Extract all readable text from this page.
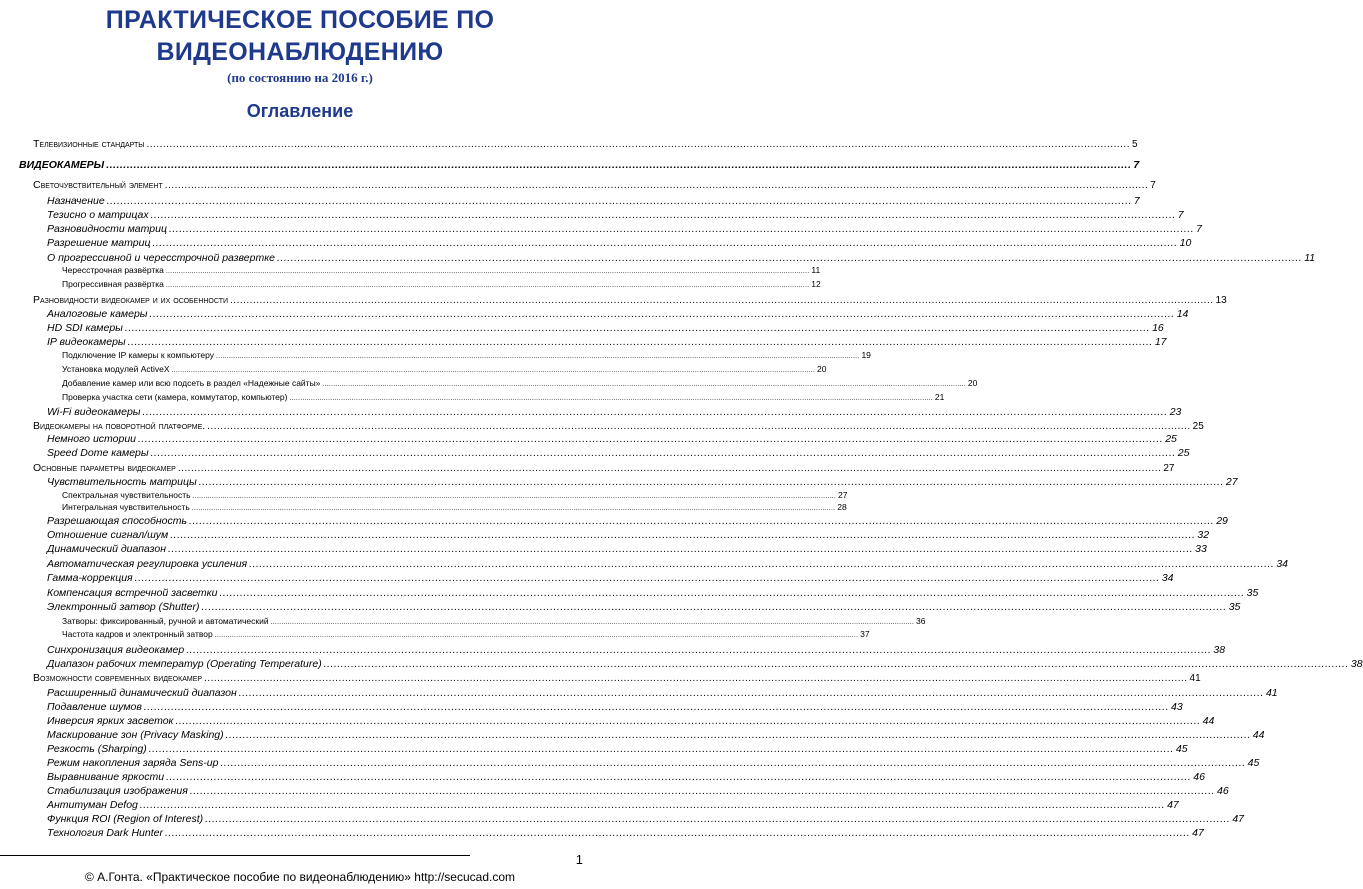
ПРАКТИЧЕСКОЕ ПОСОБИЕ ПО
ВИДЕОНАБЛЮДЕНИЮ
(по состоянию на 2016 г.)
Оглавление
Телевизионные стандарты ............................................................................................................................................................................................................................................................................................................ 5
ВИДЕОКАМЕРЫ ............................................................................................................................................................................................................................................................................................................ 7
Светочувствительный элемент ............................................................................................................................................................................................................................................................................................................ 7
Назначение ............................................................................................................................................................................................................................................................................................................ 7
Тезисно о матрицах ............................................................................................................................................................................................................................................................................................................ 7
Разновидности матриц ............................................................................................................................................................................................................................................................................................................ 7
Разрешение матриц ............................................................................................................................................................................................................................................................................................................ 10
О прогрессивной и чересстрочной развертке ............................................................................................................................................................................................................................................................................................................ 11
Чересстрочная развёртка ............................................................................................................................................................................................................................................................................................................ 11
Прогрессивная развёртка ............................................................................................................................................................................................................................................................................................................ 12
Разновидности видеокамер и их особенности ............................................................................................................................................................................................................................................................................................................ 13
Аналоговые камеры ............................................................................................................................................................................................................................................................................................................ 14
HD SDI камеры ............................................................................................................................................................................................................................................................................................................ 16
IP видеокамеры ............................................................................................................................................................................................................................................................................................................ 17
Подключение IP камеры к компьютеру ............................................................................................................................................................................................................................................................................................................ 19
Установка модулей ActiveX ............................................................................................................................................................................................................................................................................................................ 20
Добавление камер или всю подсеть в раздел «Надежные сайты» ............................................................................................................................................................................................................................................................................................................ 20
Проверка участка сети (камера, коммутатор, компьютер) ............................................................................................................................................................................................................................................................................................................ 21
Wi-Fi видеокамеры ............................................................................................................................................................................................................................................................................................................ 23
Видеокамеры на поворотной платформе. ............................................................................................................................................................................................................................................................................................................ 25
Немного истории ............................................................................................................................................................................................................................................................................................................ 25
Speed Dome камеры ............................................................................................................................................................................................................................................................................................................ 25
Основные параметры видеокамер ............................................................................................................................................................................................................................................................................................................ 27
Чувствительность матрицы ............................................................................................................................................................................................................................................................................................................ 27
Спектральная чувствительность ............................................................................................................................................................................................................................................................................................................ 27
Интегральная чувствительность ............................................................................................................................................................................................................................................................................................................ 28
Разрешающая способность ............................................................................................................................................................................................................................................................................................................ 29
Отношение сигнал/шум ............................................................................................................................................................................................................................................................................................................ 32
Динамический диапазон ............................................................................................................................................................................................................................................................................................................ 33
Автоматическая регулировка усиления ............................................................................................................................................................................................................................................................................................................ 34
Гамма-коррекция ............................................................................................................................................................................................................................................................................................................ 34
Компенсация встречной засветки ............................................................................................................................................................................................................................................................................................................ 35
Электронный затвор (Shutter) ............................................................................................................................................................................................................................................................................................................ 35
Затворы: фиксированный, ручной и автоматический ............................................................................................................................................................................................................................................................................................................ 36
Частота кадров и электронный затвор ............................................................................................................................................................................................................................................................................................................ 37
Синхронизация видеокамер ............................................................................................................................................................................................................................................................................................................ 38
Диапазон рабочих температур (Operating Temperature) ............................................................................................................................................................................................................................................................................................................ 38
Возможности современных видеокамер ............................................................................................................................................................................................................................................................................................................ 41
Расширенный динамический диапазон ............................................................................................................................................................................................................................................................................................................ 41
Подавление шумов ............................................................................................................................................................................................................................................................................................................ 43
Инверсия ярких засветок ............................................................................................................................................................................................................................................................................................................ 44
Маскирование зон (Privacy Masking) ............................................................................................................................................................................................................................................................................................................ 44
Резкость (Sharping) ............................................................................................................................................................................................................................................................................................................ 45
Режим накопления заряда Sens-up ............................................................................................................................................................................................................................................................................................................ 45
Выравнивание яркости ............................................................................................................................................................................................................................................................................................................ 46
Стабилизация изображения ............................................................................................................................................................................................................................................................................................................ 46
Антитуман Defog ............................................................................................................................................................................................................................................................................................................ 47
Функция ROI (Region of Interest) ............................................................................................................................................................................................................................................................................................................ 47
Технология Dark Hunter ............................................................................................................................................................................................................................................................................................................ 47
1
© А.Гонта. «Практическое пособие по видеонаблюдению» http://secucad.com
